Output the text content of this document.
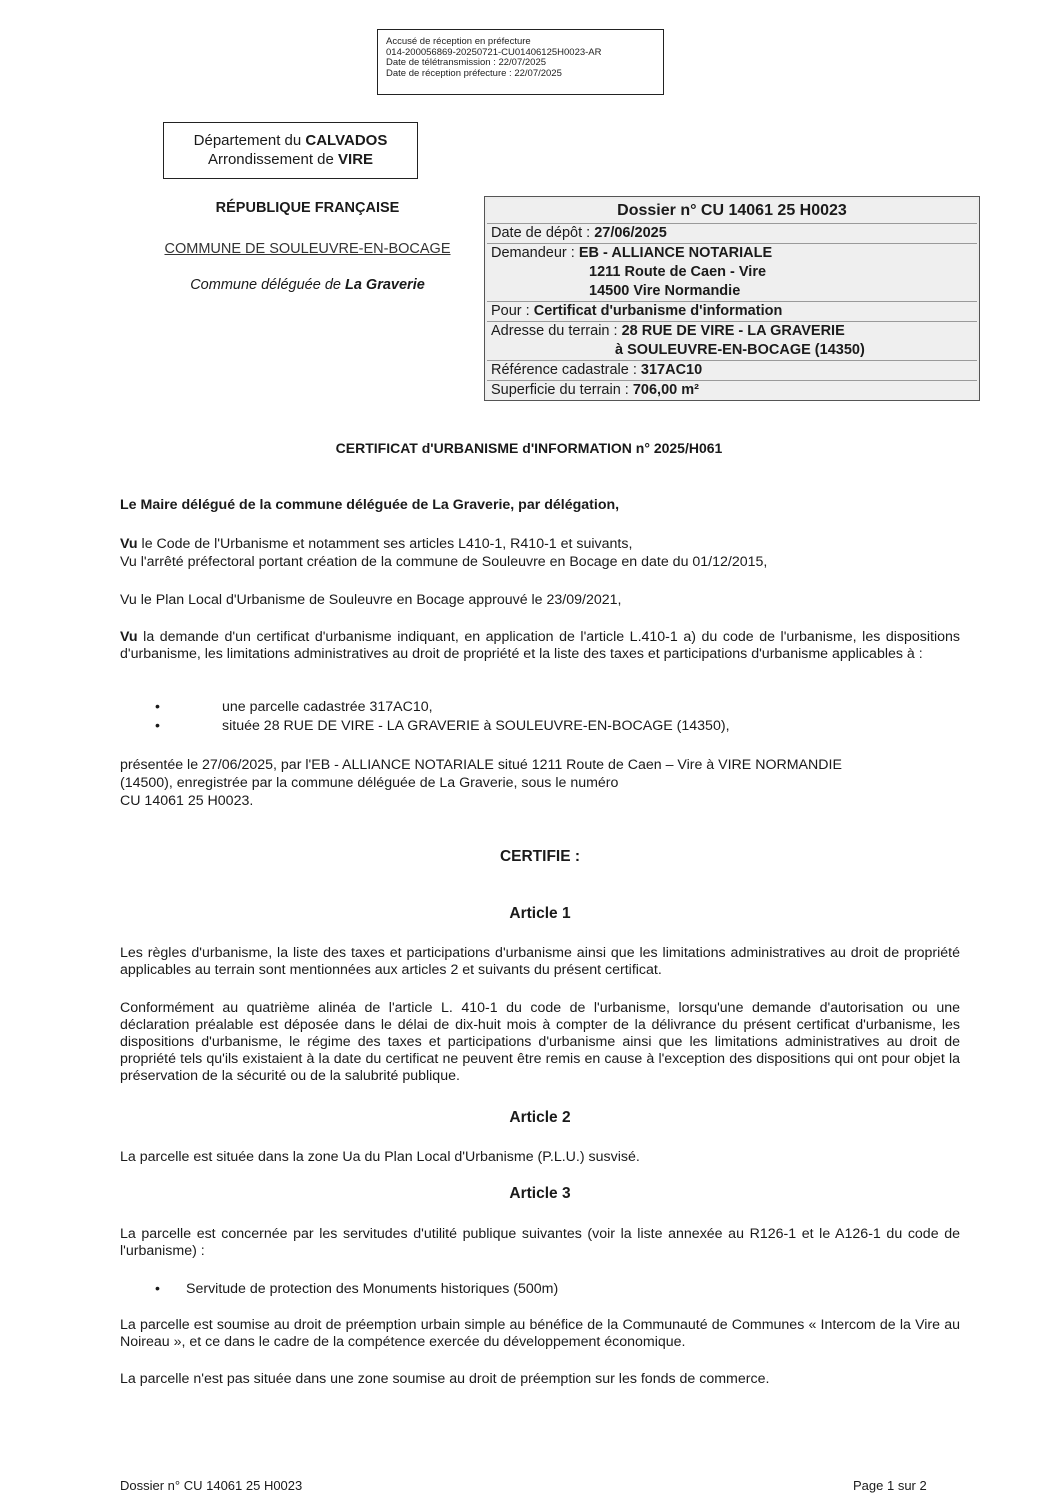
Accusé de réception en préfecture
014-200056869-20250721-CU01406125H0023-AR
Date de télétransmission : 22/07/2025
Date de réception préfecture : 22/07/2025
Département du CALVADOS
Arrondissement de VIRE
RÉPUBLIQUE FRANÇAISE
COMMUNE DE SOULEUVRE-EN-BOCAGE
Commune déléguée de La Graverie
Dossier n° CU 14061 25 H0023
Date de dépôt : 27/06/2025
Demandeur : EB - ALLIANCE NOTARIALE
1211 Route de Caen - Vire
14500 Vire Normandie
Pour : Certificat d'urbanisme d'information
Adresse du terrain : 28 RUE DE VIRE - LA GRAVERIE
à SOULEUVRE-EN-BOCAGE (14350)
Référence cadastrale : 317AC10
Superficie du terrain : 706,00 m²
CERTIFICAT d'URBANISME d'INFORMATION n° 2025/H061
Le Maire délégué de la commune déléguée de La Graverie, par délégation,
Vu le Code de l'Urbanisme et notamment ses articles L410-1, R410-1 et suivants,
Vu l'arrêté préfectoral portant création de la commune de Souleuvre en Bocage en date du 01/12/2015,
Vu le Plan Local d'Urbanisme de Souleuvre en Bocage approuvé le 23/09/2021,
Vu la demande d'un certificat d'urbanisme indiquant, en application de l'article L.410-1 a) du code de l'urbanisme, les dispositions d'urbanisme, les limitations administratives au droit de propriété et la liste des taxes et participations d'urbanisme applicables à :
•	une parcelle cadastrée 317AC10,
•	située 28 RUE DE VIRE - LA GRAVERIE à SOULEUVRE-EN-BOCAGE (14350),
présentée le 27/06/2025, par l'EB - ALLIANCE NOTARIALE situé 1211 Route de Caen – Vire à VIRE NORMANDIE
(14500), enregistrée par la commune déléguée de La Graverie, sous le numéro
CU 14061 25 H0023.
CERTIFIE :
Article 1
Les règles d'urbanisme, la liste des taxes et participations d'urbanisme ainsi que les limitations administratives au droit de propriété applicables au terrain sont mentionnées aux articles 2 et suivants du présent certificat.
Conformément au quatrième alinéa de l'article L. 410-1 du code de l'urbanisme, lorsqu'une demande d'autorisation ou une déclaration préalable est déposée dans le délai de dix-huit mois à compter de la délivrance du présent certificat d'urbanisme, les dispositions d'urbanisme, le régime des taxes et participations d'urbanisme ainsi que les limitations administratives au droit de propriété tels qu'ils existaient à la date du certificat ne peuvent être remis en cause à l'exception des dispositions qui ont pour objet la préservation de la sécurité ou de la salubrité publique.
Article 2
La parcelle est située dans la zone Ua du Plan Local d'Urbanisme (P.L.U.) susvisé.
Article 3
La parcelle est concernée par les servitudes d'utilité publique suivantes (voir la liste annexée au R126-1 et le A126-1 du code de l'urbanisme) :
• Servitude de protection des Monuments historiques (500m)
La parcelle est soumise au droit de préemption urbain simple au bénéfice de la Communauté de Communes « Intercom de la Vire au Noireau », et ce dans le cadre de la compétence exercée du développement économique.
La parcelle n'est pas située dans une zone soumise au droit de préemption sur les fonds de commerce.
Dossier n° CU 14061 25 H0023	Page 1 sur 2
